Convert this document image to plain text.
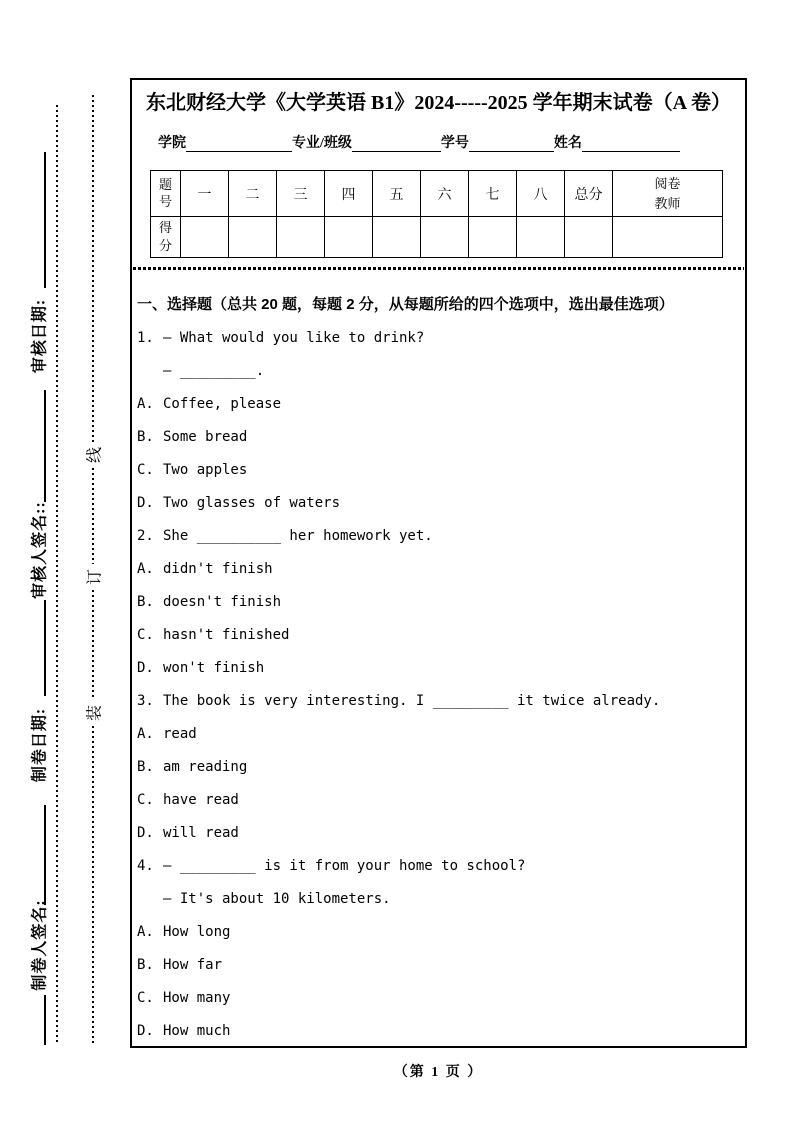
审核日期:
审核人签名::
制卷日期:
制卷人签名:
线
订
装
东北财经大学《大学英语 B1》2024-----2025 学年期末试卷（A 卷）
学院	专业/班级	学号	姓名
题号	一	二	三	四	五	六	七	八	总分	阅卷教师
得分										
一、选择题（总共 20 题，每题 2 分，从每题所给的四个选项中，选出最佳选项）
1. — What would you like to drink?
— _________.
A. Coffee, please
B. Some bread
C. Two apples
D. Two glasses of waters
2. She __________ her homework yet.
A. didn't finish
B. doesn't finish
C. hasn't finished
D. won't finish
3. The book is very interesting. I _________ it twice already.
A. read
B. am reading
C. have read
D. will read
4. — _________ is it from your home to school?
— It's about 10 kilometers.
A. How long
B. How far
C. How many
D. How much
（第 1 页 ）
